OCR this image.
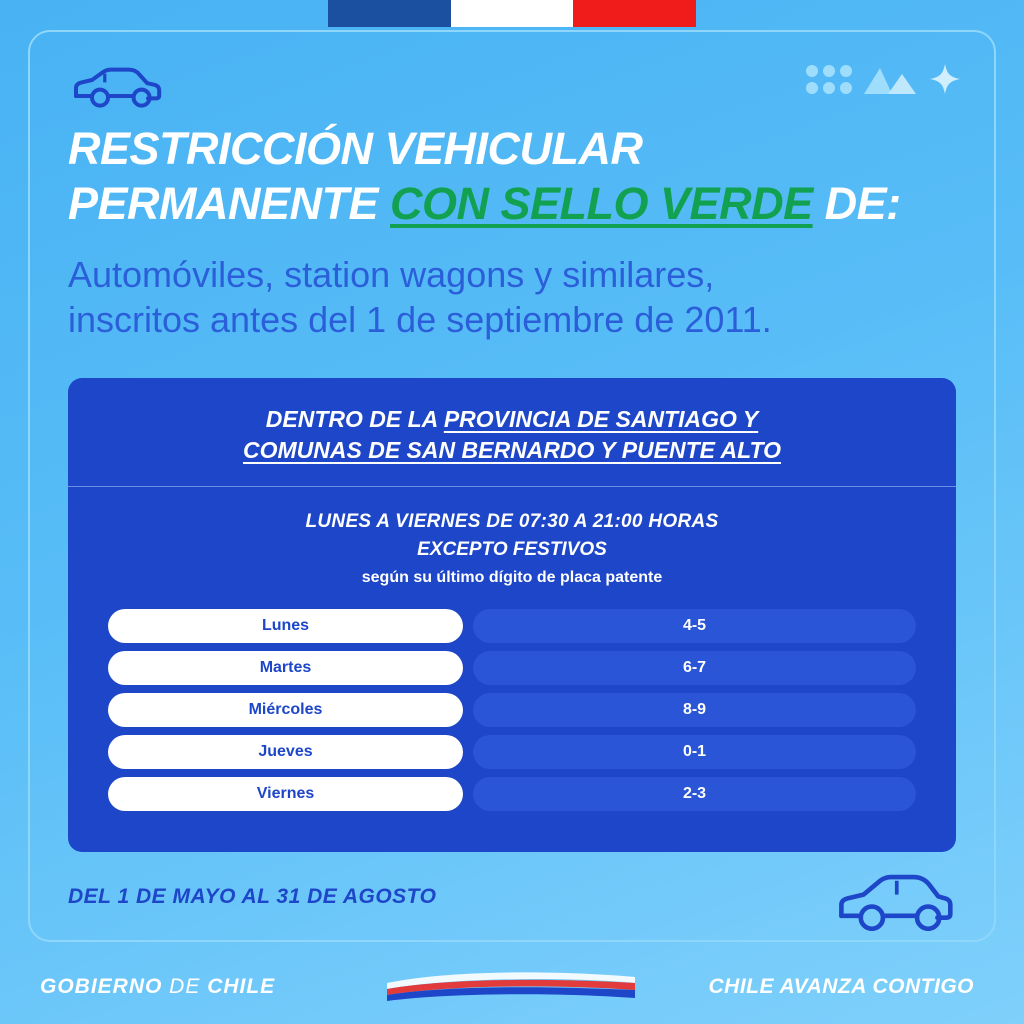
RESTRICCIÓN VEHICULAR
PERMANENTE CON SELLO VERDE DE:
Automóviles, station wagons y similares,
inscritos antes del 1 de septiembre de 2011.
DENTRO DE LA PROVINCIA DE SANTIAGO Y
COMUNAS DE SAN BERNARDO Y PUENTE ALTO
LUNES A VIERNES DE 07:30 A 21:00 HORAS
EXCEPTO FESTIVOS
según su último dígito de placa patente
Lunes	4-5
Martes	6-7
Miércoles	8-9
Jueves	0-1
Viernes	2-3
DEL 1 DE MAYO AL 31 DE AGOSTO
GOBIERNO DE CHILE	CHILE AVANZA CONTIGO
